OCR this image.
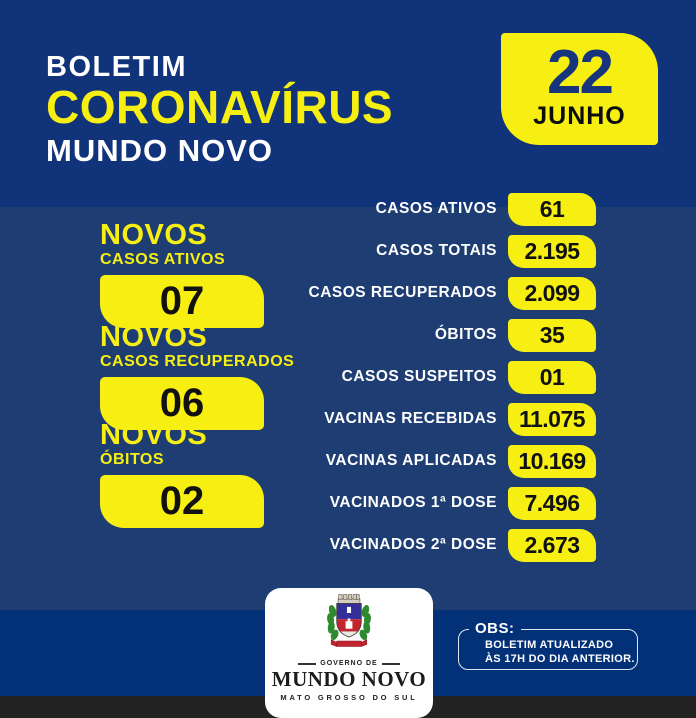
BOLETIM
CORONAVÍRUS
MUNDO NOVO
22
JUNHO
NOVOS
CASOS ATIVOS
07
NOVOS
CASOS RECUPERADOS
06
NOVOS
ÓBITOS
02
CASOS ATIVOS	61
CASOS TOTAIS	2.195
CASOS RECUPERADOS	2.099
ÓBITOS	35
CASOS SUSPEITOS	01
VACINAS RECEBIDAS 11.075
VACINAS APLICADAS 10.169
VACINADOS 1ª DOSE	7.496
VACINADOS 2ª DOSE	2.673
GOVERNO DE
MUNDO NOVO
MATO GROSSO DO SUL
OBS:
BOLETIM ATUALIZADO
ÀS 17H DO DIA ANTERIOR.
